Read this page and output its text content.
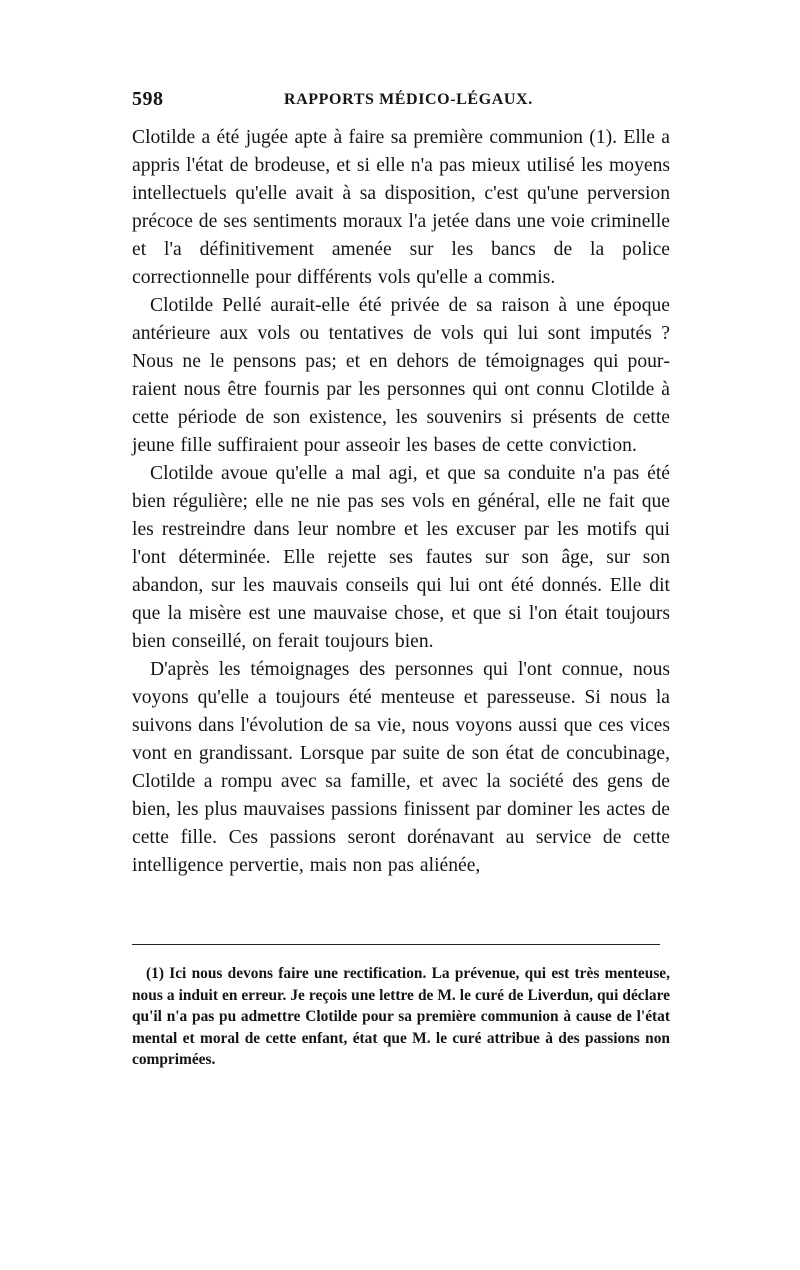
598	RAPPORTS MÉDICO-LÉGAUX.

Clotilde a été jugée apte à faire sa première communion (1). Elle a appris l'état de brodeuse, et si elle n'a pas mieux utilisé les moyens intellectuels qu'elle avait à sa disposition, c'est qu'une perversion précoce de ses sentiments moraux l'a jetée dans une voie criminelle et l'a définitivement amenée sur les bancs de la police correctionnelle pour différents vols qu'elle a commis.

Clotilde Pellé aurait-elle été privée de sa raison à une époque antérieure aux vols ou tentatives de vols qui lui sont imputés ? Nous ne le pensons pas; et en dehors de témoignages qui pourraient nous être fournis par les personnes qui ont connu Clotilde à cette période de son existence, les souvenirs si présents de cette jeune fille suffiraient pour asseoir les bases de cette conviction.

Clotilde avoue qu'elle a mal agi, et que sa conduite n'a pas été bien régulière; elle ne nie pas ses vols en général, elle ne fait que les restreindre dans leur nombre et les excuser par les motifs qui l'ont déterminée. Elle rejette ses fautes sur son âge, sur son abandon, sur les mauvais conseils qui lui ont été donnés. Elle dit que la misère est une mauvaise chose, et que si l'on était toujours bien conseillé, on ferait toujours bien.

D'après les témoignages des personnes qui l'ont connue, nous voyons qu'elle a toujours été menteuse et paresseuse. Si nous la suivons dans l'évolution de sa vie, nous voyons aussi que ces vices vont en grandissant. Lorsque par suite de son état de concubinage, Clotilde a rompu avec sa famille, et avec la société des gens de bien, les plus mauvaises passions finissent par dominer les actes de cette fille. Ces passions seront dorénavant au service de cette intelligence pervertie, mais non pas aliénée,

(1) Ici nous devons faire une rectification. La prévenue, qui est très menteuse, nous a induit en erreur. Je reçois une lettre de M. le curé de Liverdun, qui déclare qu'il n'a pas pu admettre Clotilde pour sa première communion à cause de l'état mental et moral de cette enfant, état que M. le curé attribue à des passions non comprimées.
